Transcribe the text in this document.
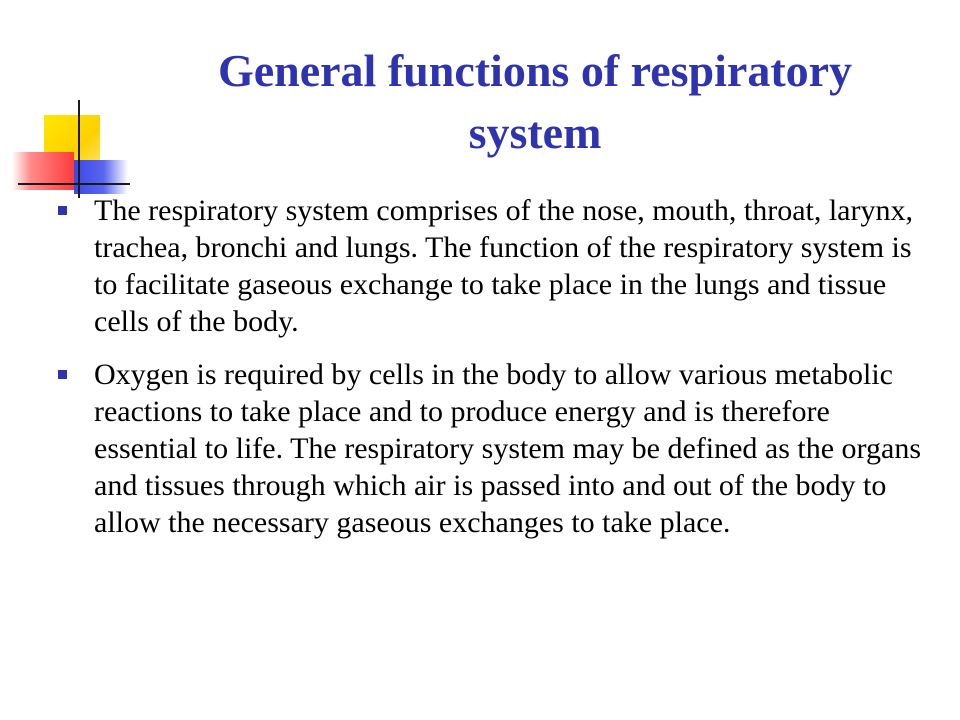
General functions of respiratory system
The respiratory system comprises of the nose, mouth, throat, larynx, trachea, bronchi and lungs. The function of the respiratory system is to facilitate gaseous exchange to take place in the lungs and tissue cells of the body.
Oxygen is required by cells in the body to allow various metabolic reactions to take place and to produce energy and is therefore essential to life. The respiratory system may be defined as the organs and tissues through which air is passed into and out of the body to allow the necessary gaseous exchanges to take place.
